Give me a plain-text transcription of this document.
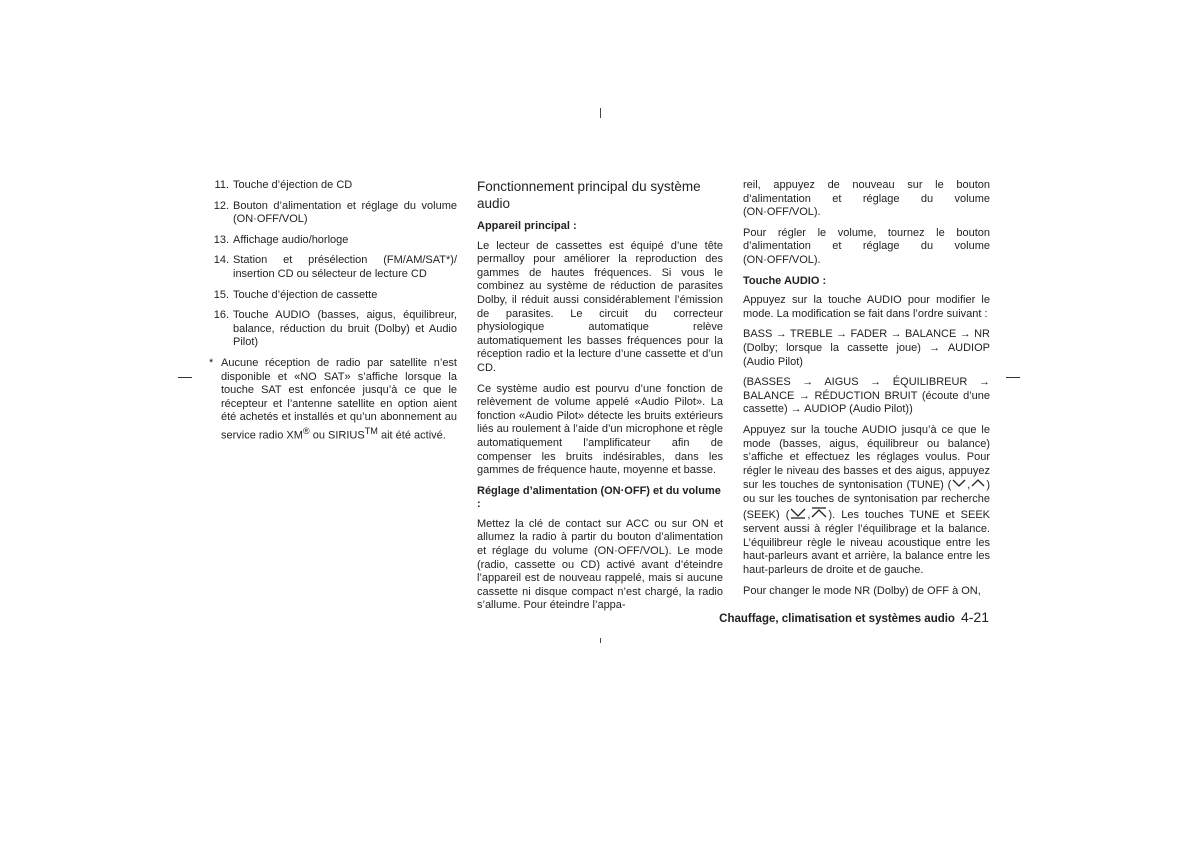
11. Touche d’éjection de CD
12. Bouton d’alimentation et réglage du volume (ON·OFF/VOL)
13. Affichage audio/horloge
14. Station et présélection (FM/AM/SAT*)/ insertion CD ou sélecteur de lecture CD
15. Touche d’éjection de cassette
16. Touche AUDIO (basses, aigus, équilibreur, balance, réduction du bruit (Dolby) et Audio Pilot)
* Aucune réception de radio par satellite n’est disponible et «NO SAT» s’affiche lorsque la touche SAT est enfoncée jusqu’à ce que le récepteur et l’antenne satellite en option aient été achetés et installés et qu’un abonnement au service radio XM® ou SIRIUS™ ait été activé.
Fonctionnement principal du système audio
Appareil principal :

Le lecteur de cassettes est équipé d’une tête permalloy pour améliorer la reproduction des gammes de hautes fréquences. Si vous le combinez au système de réduction de parasites Dolby, il réduit aussi considérablement l’émission de parasites. Le circuit du correcteur physiologique automatique relève automatiquement les basses fréquences pour la réception radio et la lecture d’une cassette et d’un CD.

Ce système audio est pourvu d’une fonction de relèvement de volume appelé «Audio Pilot». La fonction «Audio Pilot» détecte les bruits extérieurs liés au roulement à l’aide d’un microphone et règle automatiquement l’amplificateur afin de compenser les bruits indésirables, dans les gammes de fréquence haute, moyenne et basse.

Réglage d’alimentation (ON·OFF) et du volume :

Mettez la clé de contact sur ACC ou sur ON et allumez la radio à partir du bouton d’alimentation et réglage du volume (ON·OFF/VOL). Le mode (radio, cassette ou CD) activé avant d’éteindre l’appareil est de nouveau rappelé, mais si aucune cassette ni disque compact n’est chargé, la radio s’allume. Pour éteindre l’appa-

reil, appuyez de nouveau sur le bouton d’alimentation et réglage du volume (ON·OFF/VOL).

Pour régler le volume, tournez le bouton d’alimentation et réglage du volume (ON·OFF/VOL).

Touche AUDIO :

Appuyez sur la touche AUDIO pour modifier le mode. La modification se fait dans l’ordre suivant :

BASS → TREBLE → FADER → BALANCE → NR (Dolby; lorsque la cassette joue) → AUDIOP (Audio Pilot)

(BASSES → AIGUS → ÉQUILIBREUR → BALANCE → RÉDUCTION BRUIT (écoute d’une cassette) → AUDIOP (Audio Pilot))

Appuyez sur la touche AUDIO jusqu’à ce que le mode (basses, aigus, équilibreur ou balance) s’affiche et effectuez les réglages voulus. Pour régler le niveau des basses et des aigus, appuyez sur les touches de syntonisation (TUNE) ( , ) ou sur les touches de syntonisation par recherche (SEEK) ( , ). Les touches TUNE et SEEK servent aussi à régler l’équilibrage et la balance. L’équilibreur règle le niveau acoustique entre les haut-parleurs avant et arrière, la balance entre les haut-parleurs de droite et de gauche.

Pour changer le mode NR (Dolby) de OFF à ON,

Chauffage, climatisation et systèmes audio 4-21
